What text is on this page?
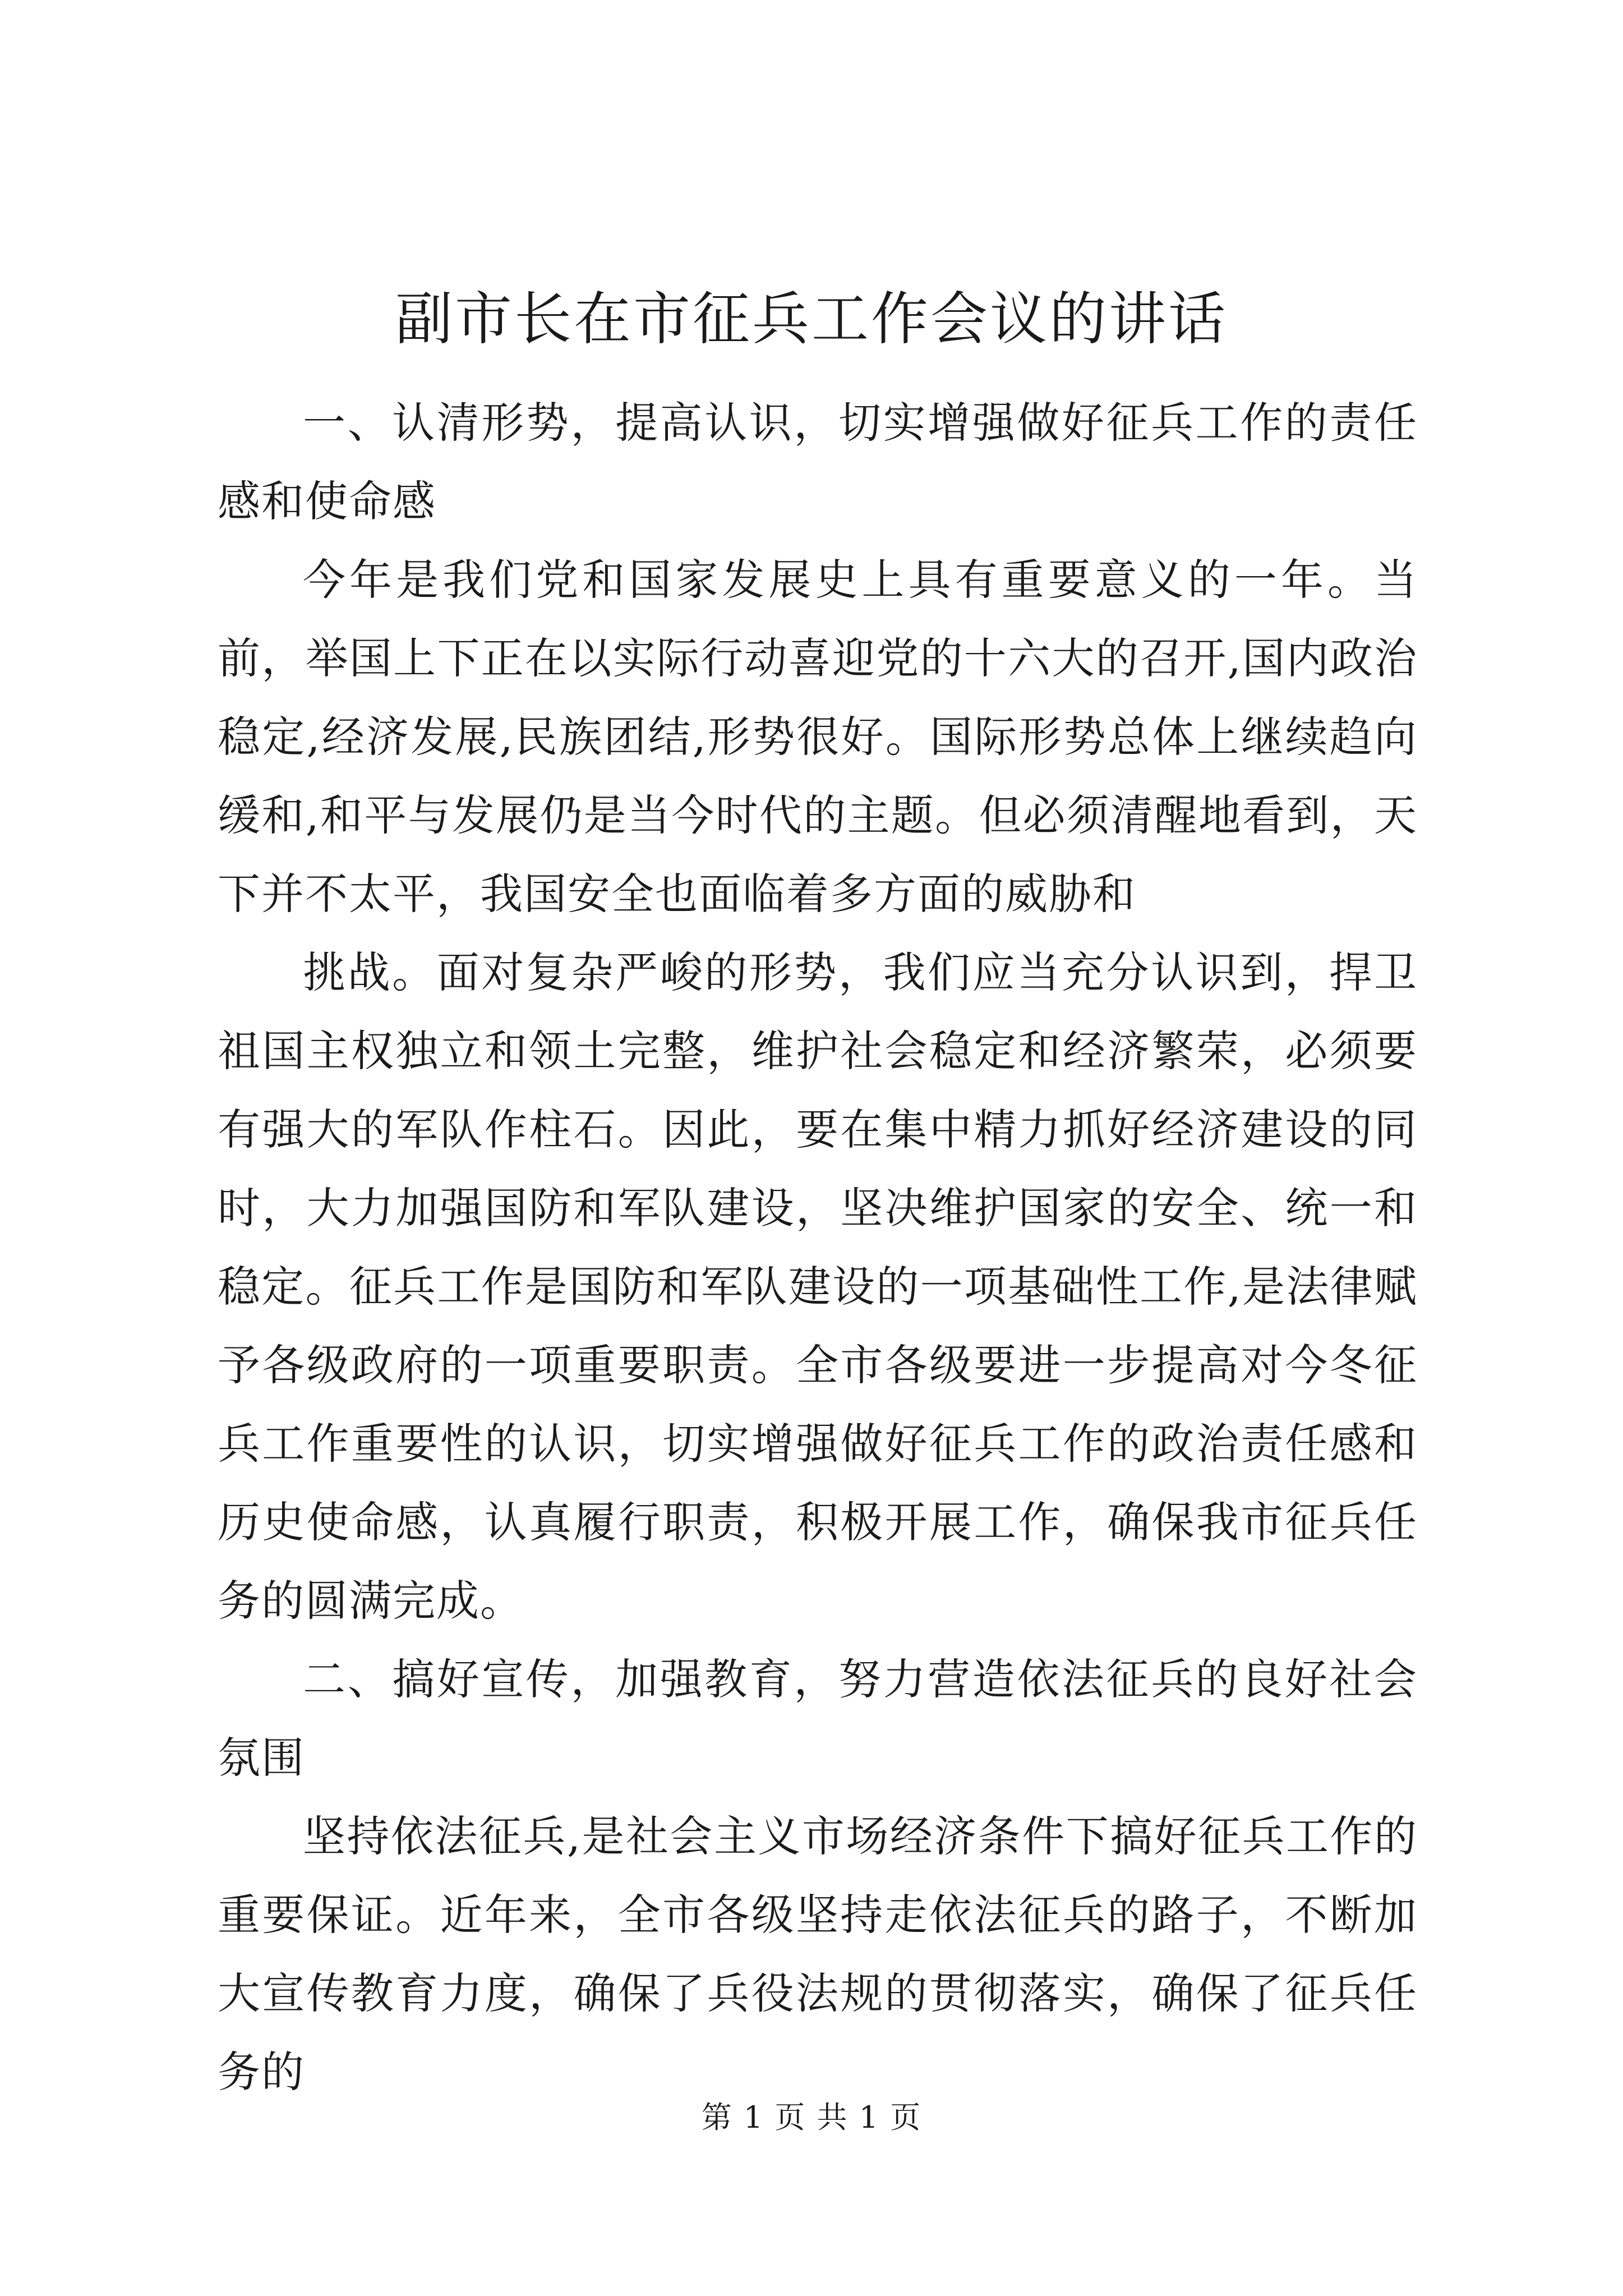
副市长在市征兵工作会议的讲话

一、认清形势，提高认识，切实增强做好征兵工作的责任感和使命感

今年是我们党和国家发展史上具有重要意义的一年。当前，举国上下正在以实际行动喜迎党的十六大的召开,国内政治稳定,经济发展,民族团结,形势很好。国际形势总体上继续趋向缓和,和平与发展仍是当今时代的主题。但必须清醒地看到，天下并不太平，我国安全也面临着多方面的威胁和

挑战。面对复杂严峻的形势，我们应当充分认识到，捍卫祖国主权独立和领土完整，维护社会稳定和经济繁荣，必须要有强大的军队作柱石。因此，要在集中精力抓好经济建设的同时，大力加强国防和军队建设，坚决维护国家的安全、统一和稳定。征兵工作是国防和军队建设的一项基础性工作,是法律赋予各级政府的一项重要职责。全市各级要进一步提高对今冬征兵工作重要性的认识，切实增强做好征兵工作的政治责任感和历史使命感，认真履行职责，积极开展工作，确保我市征兵任务的圆满完成。

二、搞好宣传，加强教育，努力营造依法征兵的良好社会氛围

坚持依法征兵,是社会主义市场经济条件下搞好征兵工作的重要保证。近年来，全市各级坚持走依法征兵的路子，不断加大宣传教育力度，确保了兵役法规的贯彻落实，确保了征兵任务的

第 1 页 共 1 页
